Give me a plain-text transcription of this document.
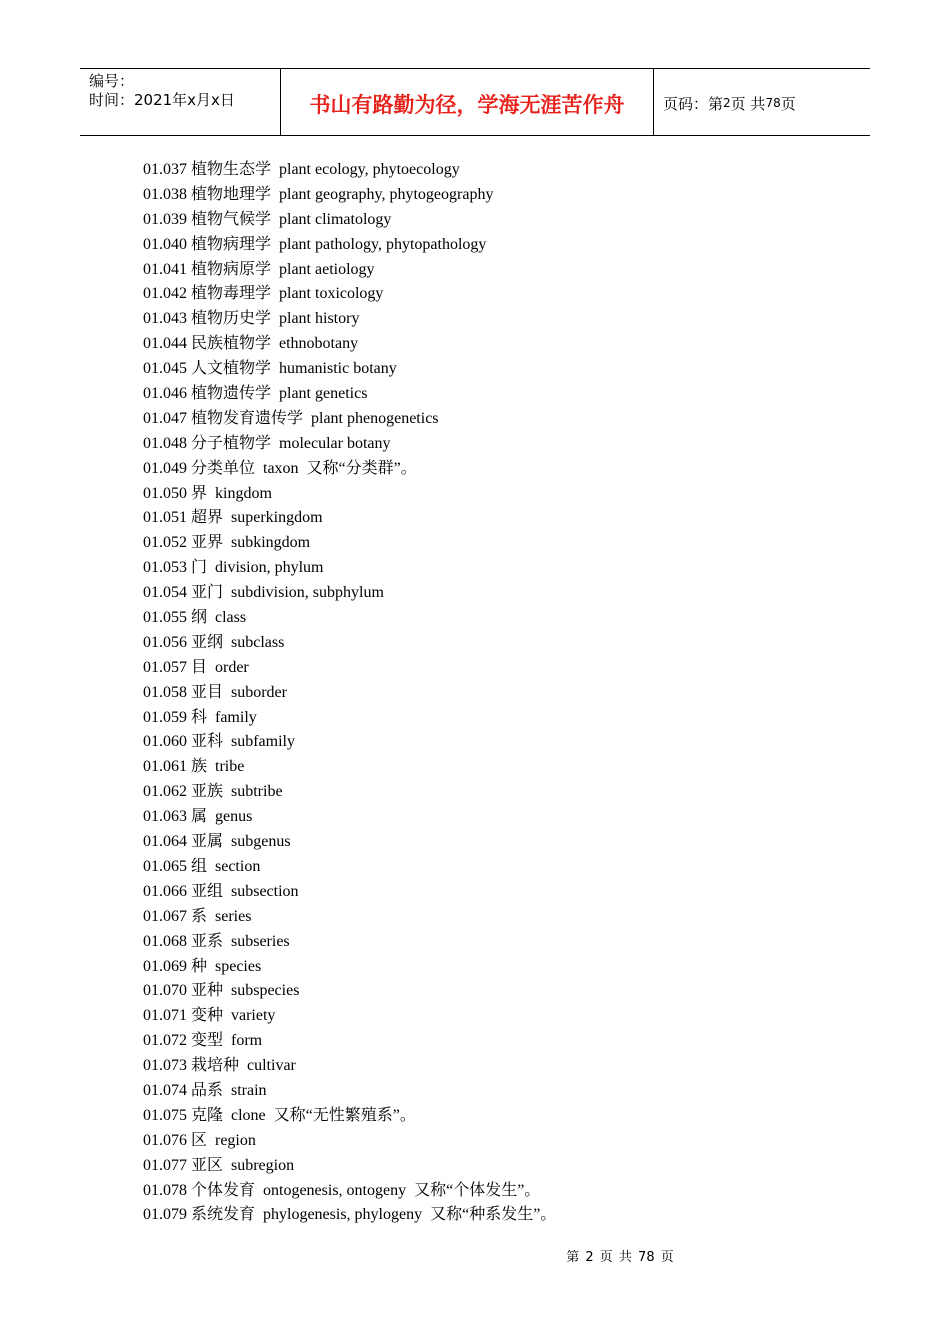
编号：
时间：2021年x月x日	书山有路勤为径，学海无涯苦作舟	页码：第 2 页 共 78 页
01.037 植物生态学  plant ecology, phytoecology
01.038 植物地理学  plant geography, phytogeography
01.039 植物气候学  plant climatology
01.040 植物病理学  plant pathology, phytopathology
01.041 植物病原学  plant aetiology
01.042 植物毒理学  plant toxicology
01.043 植物历史学  plant history
01.044 民族植物学  ethnobotany
01.045 人文植物学  humanistic botany
01.046 植物遗传学  plant genetics
01.047 植物发育遗传学  plant phenogenetics
01.048 分子植物学  molecular botany
01.049 分类单位  taxon  又称“分类群”。
01.050 界  kingdom
01.051 超界  superkingdom
01.052 亚界  subkingdom
01.053 门  division, phylum
01.054 亚门  subdivision, subphylum
01.055 纲  class
01.056 亚纲  subclass
01.057 目  order
01.058 亚目  suborder
01.059 科  family
01.060 亚科  subfamily
01.061 族  tribe
01.062 亚族  subtribe
01.063 属  genus
01.064 亚属  subgenus
01.065 组  section
01.066 亚组  subsection
01.067 系  series
01.068 亚系  subseries
01.069 种  species
01.070 亚种  subspecies
01.071 变种  variety
01.072 变型  form
01.073 栽培种  cultivar
01.074 品系  strain
01.075 克隆  clone  又称“无性繁殖系”。
01.076 区  region
01.077 亚区  subregion
01.078 个体发育  ontogenesis, ontogeny  又称“个体发生”。
01.079 系统发育  phylogenesis, phylogeny  又称“种系发生”。
第 2 页 共 78 页
